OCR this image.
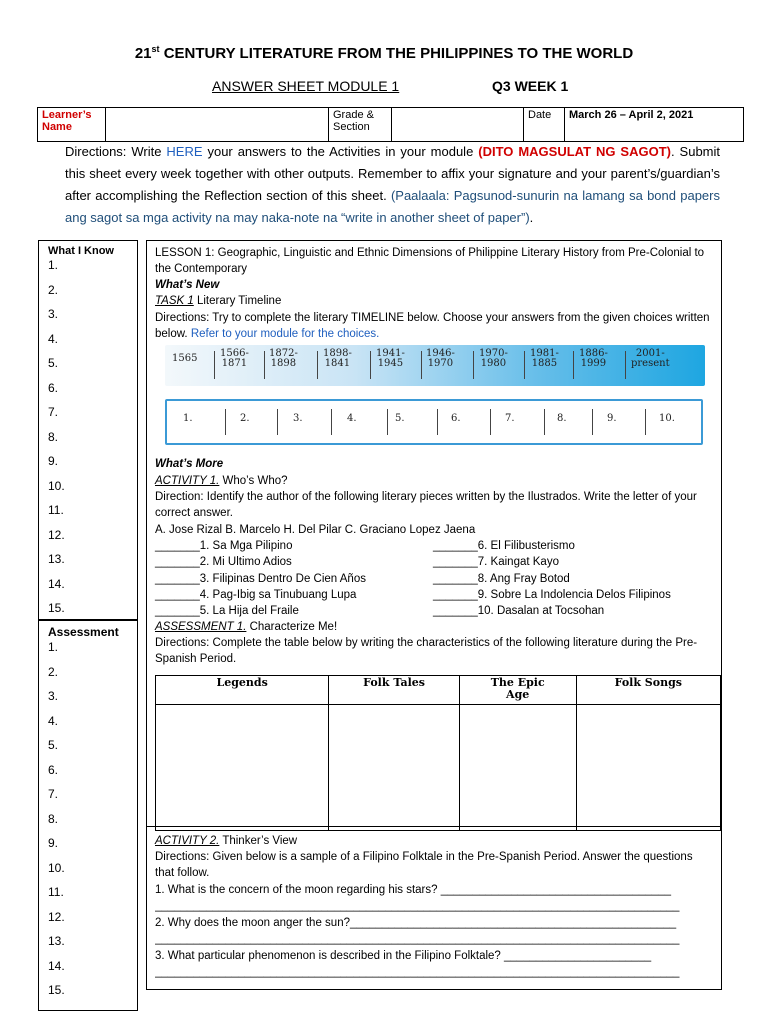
21st CENTURY LITERATURE FROM THE PHILIPPINES TO THE WORLD
ANSWER SHEET MODULE 1	Q3 WEEK 1
Learner’s Name		Grade & Section		Date	March 26 – April 2, 2021
Directions: Write HERE your answers to the Activities in your module (DITO MAGSULAT NG SAGOT). Submit this sheet every week together with other outputs. Remember to affix your signature and your parent’s/guardian’s after accomplishing the Reflection section of this sheet. (Paalaala: Pagsunod-sunurin na lamang sa bond papers ang sagot sa mga activity na may naka-note na “write in another sheet of paper”).
What I Know
1.
2.
3.
4.
5.
6.
7.
8.
9.
10.
11.
12.
13.
14.
15.
Assessment
1.
2.
3.
4.
5.
6.
7.
8.
9.
10.
11.
12.
13.
14.
15.
LESSON 1: Geographic, Linguistic and Ethnic Dimensions of Philippine Literary History from Pre-Colonial to the Contemporary
What’s New
TASK 1 Literary Timeline
Directions: Try to complete the literary TIMELINE below. Choose your answers from the given choices written below. Refer to your module for the choices.
1565 1566-
1871
1872-
1898
1898-
1841
1941-
1945
1946-
1970
1970-
1980
1981-
1885
1886-
1999
2001-
present
1.	2.	3.	4.	5.	6.	7.	8.	9.	10.
What’s More
ACTIVITY 1. Who’s Who?
Direction: Identify the author of the following literary pieces written by the Ilustrados. Write the letter of your correct answer.
A. Jose Rizal B. Marcelo H. Del Pilar C. Graciano Lopez Jaena
_______1. Sa Mga Pilipino
_______2. Mi Ultimo Adios
_______3. Filipinas Dentro De Cien Años
_______4. Pag-Ibig sa Tinubuang Lupa
_______5. La Hija del Fraile
_______6. El Filibusterismo
_______7. Kaingat Kayo
_______8. Ang Fray Botod
_______9. Sobre La Indolencia Delos Filipinos
_______10. Dasalan at Tocsohan
ASSESSMENT 1. Characterize Me!
Directions: Complete the table below by writing the characteristics of the following literature during the Pre-Spanish Period.
Legends	Folk Tales	The Epic Age	Folk Songs

ACTIVITY 2. Thinker’s View
Directions: Given below is a sample of a Filipino Folktale in the Pre-Spanish Period. Answer the questions that follow.
1. What is the concern of the moon regarding his stars? ____________________________________
__________________________________________________________________________________
2. Why does the moon anger the sun?___________________________________________________
__________________________________________________________________________________
3. What particular phenomenon is described in the Filipino Folktale? _______________________
__________________________________________________________________________________
